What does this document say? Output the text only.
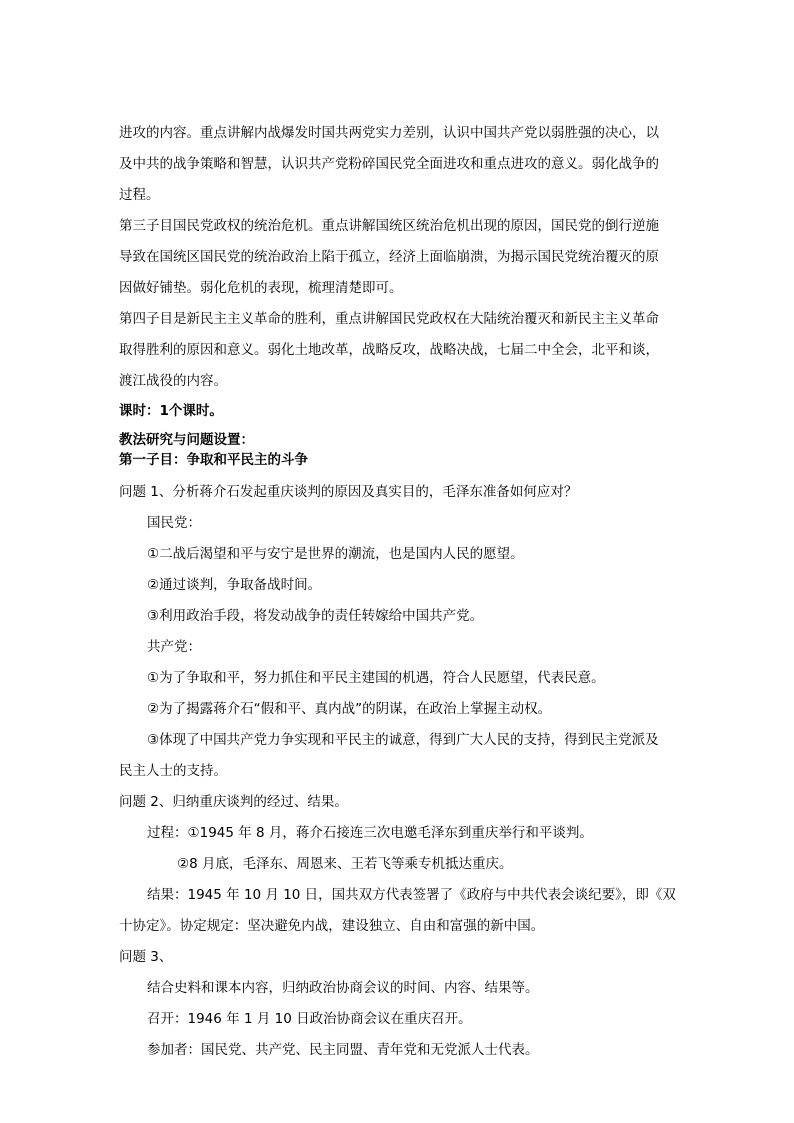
进攻的内容。重点讲解内战爆发时国共两党实力差别，认识中国共产党以弱胜强的决心，以
及中共的战争策略和智慧，认识共产党粉碎国民党全面进攻和重点进攻的意义。弱化战争的
过程。
第三子目国民党政权的统治危机。重点讲解国统区统治危机出现的原因，国民党的倒行逆施
导致在国统区国民党的统治政治上陷于孤立，经济上面临崩溃，为揭示国民党统治覆灭的原
因做好铺垫。弱化危机的表现，梳理清楚即可。
第四子目是新民主主义革命的胜利，重点讲解国民党政权在大陆统治覆灭和新民主主义革命
取得胜利的原因和意义。弱化土地改革，战略反攻，战略决战，七届二中全会，北平和谈，
渡江战役的内容。
课时：1个课时。
教法研究与问题设置：
第一子目：争取和平民主的斗争
问题 1、分析蒋介石发起重庆谈判的原因及真实目的，毛泽东准备如何应对？
国民党：
①二战后渴望和平与安宁是世界的潮流，也是国内人民的愿望。
②通过谈判，争取备战时间。
③利用政治手段，将发动战争的责任转嫁给中国共产党。
共产党：
①为了争取和平，努力抓住和平民主建国的机遇，符合人民愿望，代表民意。
②为了揭露蒋介石“假和平、真内战”的阴谋，在政治上掌握主动权。
③体现了中国共产党力争实现和平民主的诚意，得到广大人民的支持，得到民主党派及
民主人士的支持。
问题 2、归纳重庆谈判的经过、结果。
过程：①1945 年 8 月，蒋介石接连三次电邀毛泽东到重庆举行和平谈判。
②8 月底，毛泽东、周恩来、王若飞等乘专机抵达重庆。
结果：1945 年 10 月 10 日，国共双方代表签署了《政府与中共代表会谈纪要》，即《双
十协定》。协定规定：坚决避免内战，建设独立、自由和富强的新中国。
问题 3、
结合史料和课本内容，归纳政治协商会议的时间、内容、结果等。
召开：1946 年 1 月 10 日政治协商会议在重庆召开。
参加者：国民党、共产党、民主同盟、青年党和无党派人士代表。
